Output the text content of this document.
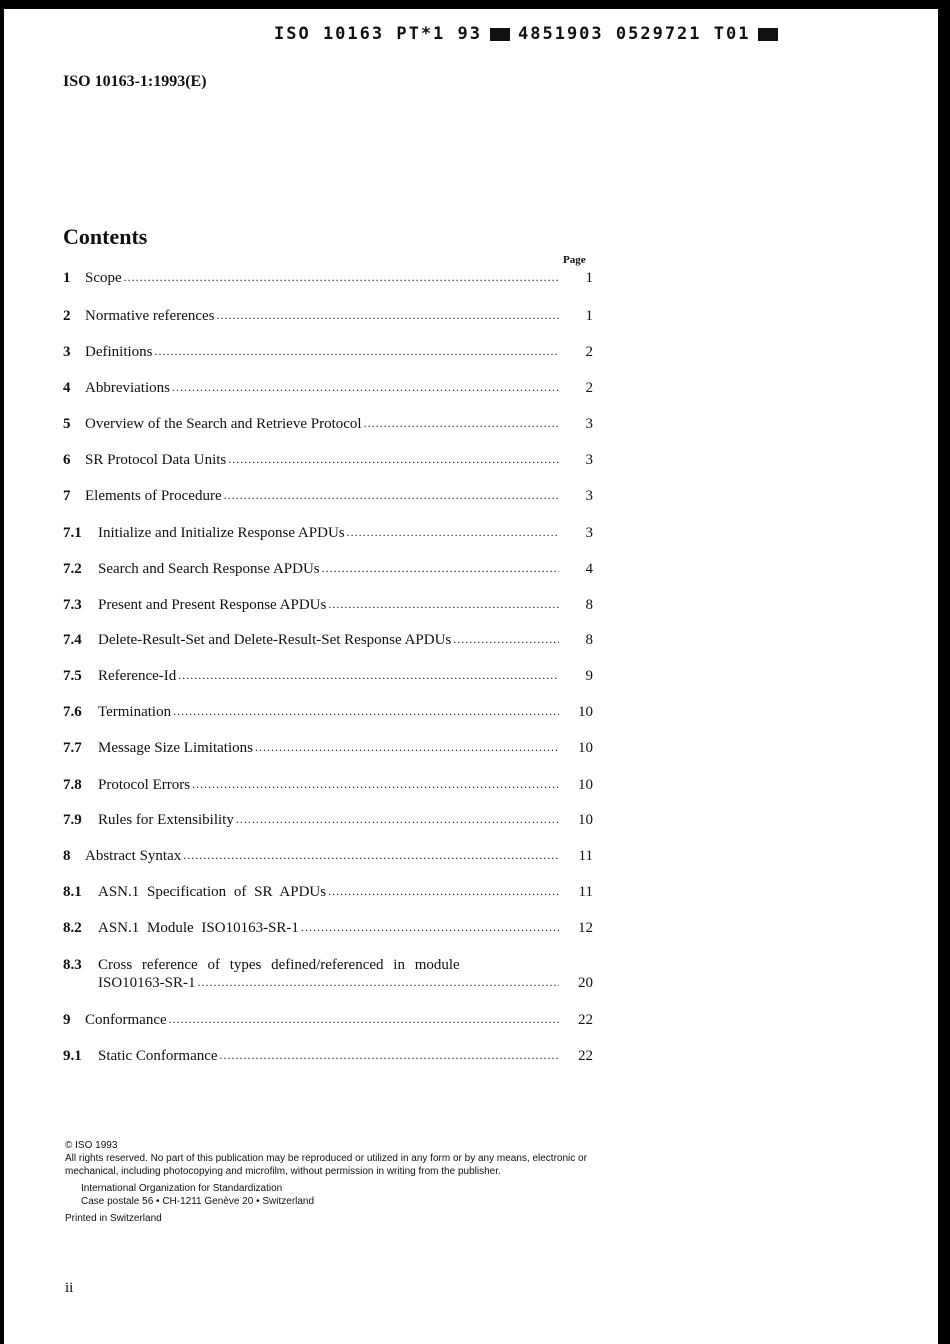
ISO 10163 PT*1 93 4851903 0529721 T01
ISO 10163-1:1993(E)
Contents
Page
1 Scope .....	1
2 Normative references .....	1
3 Definitions .....	2
4 Abbreviations .....	2
5 Overview of the Search and Retrieve Protocol .....	3
6 SR Protocol Data Units .....	3
7 Elements of Procedure .....	3
7.1	Initialize and Initialize Response APDUs .....	3
7.2	Search and Search Response APDUs .....	4
7.3	Present and Present Response APDUs .....	8
7.4	Delete-Result-Set and Delete-Result-Set Response APDUs .....	8
7.5	Reference-Id .....	9
7.6	Termination .....	10
7.7	Message Size Limitations .....	10
7.8	Protocol Errors .....	10
7.9	Rules for Extensibility .....	10
8 Abstract Syntax .....	11
8.1	ASN.1 Specification of SR APDUs .....	11
8.2	ASN.1 Module ISO10163-SR-1 .....	12
8.3	Cross reference of types defined/referenced in module
ISO10163-SR-1 .....	20
9 Conformance .....	22
9.1	Static Conformance .....	22

© ISO 1993

All rights reserved. No part of this publication may be reproduced or utilized in any form or by any means, electronic or mechanical, including photocopying and microfilm, without permission in writing from the publisher.

International Organization for Standardization

Case postale 56 • CH-1211 Genève 20 • Switzerland

Printed in Switzerland

ii
